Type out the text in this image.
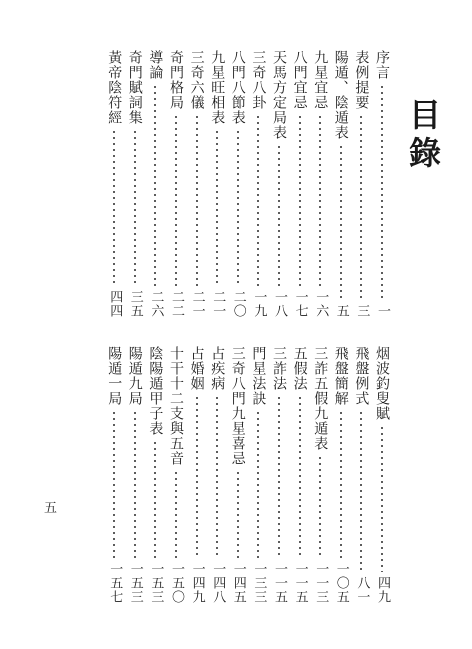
目錄
序言
一
表例提要
三
陽遁、陰遁表
五
九星宜忌
一六
八門宜忌
一七
天馬方定局表
一八
三奇八卦
一九
八門八節表
二〇
九星旺相表
二一
三奇六儀
二一
奇門格局
二二
導論
二六
奇門賦詞集
三五
黃帝陰符經
四四
烟波釣叟賦
四九
飛盤例式
八一
飛盤簡解
一〇五
三詐五假九遁表
一一三
五假法
一一五
三詐法
一一五
門星法訣
一三三
三奇八門九星喜忌
一四五
占疾病
一四八
占婚姻
一四九
十干十二支與五音
一五〇
陰陽遁甲子表
一五三
陽遁九局
一五三
陽遁一局
一五七
五
